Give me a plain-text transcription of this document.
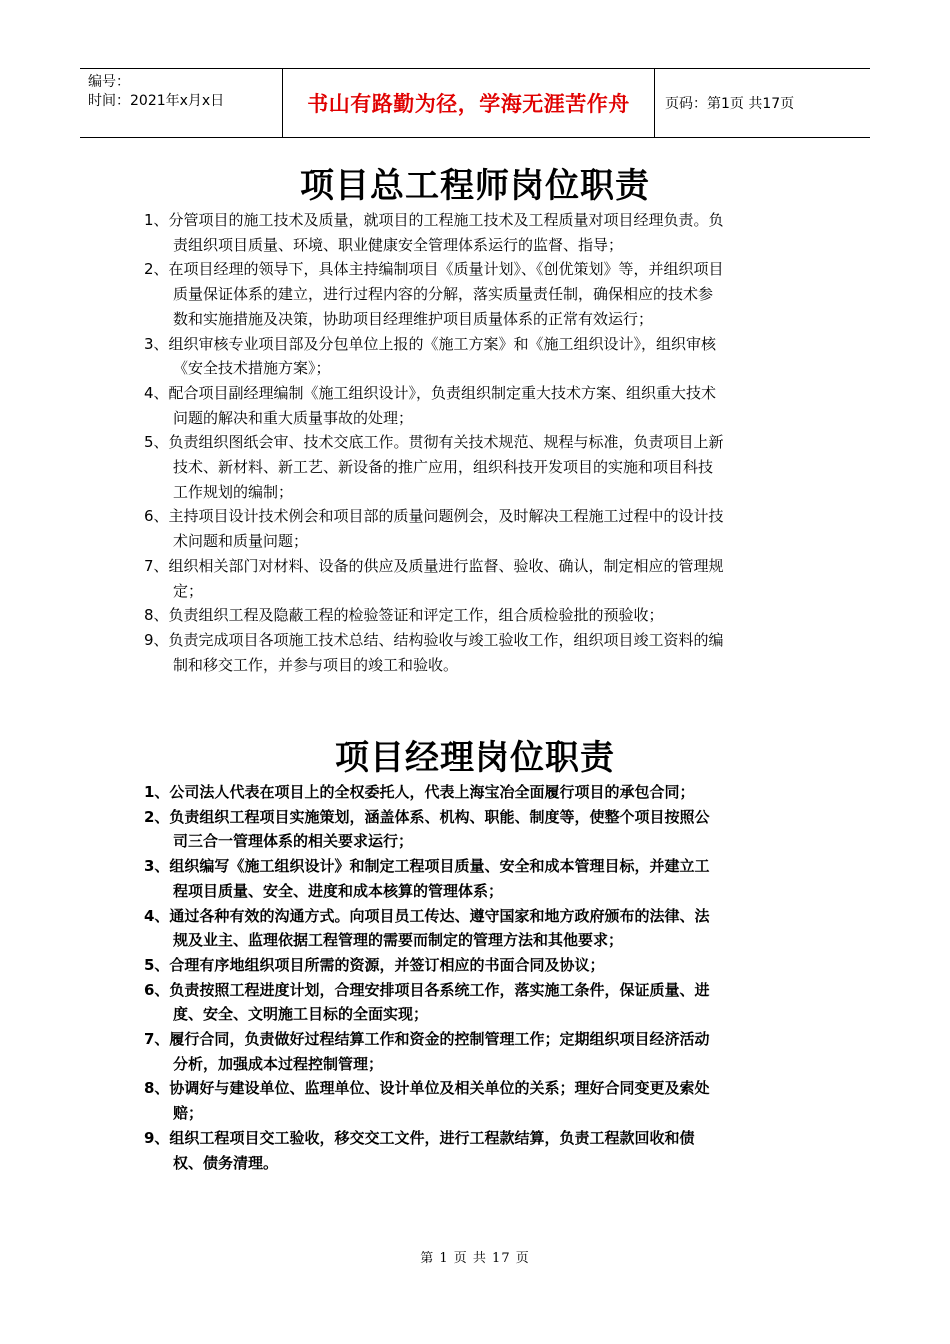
编号：
时间：2021年x月x日	书山有路勤为径，学海无涯苦作舟	页码：第1页 共17页
项目总工程师岗位职责
1、分管项目的施工技术及质量，就项目的工程施工技术及工程质量对项目经理负责。负责组织项目质量、环境、职业健康安全管理体系运行的监督、指导；
2、在项目经理的领导下，具体主持编制项目《质量计划》、《创优策划》等，并组织项目质量保证体系的建立，进行过程内容的分解，落实质量责任制，确保相应的技术参数和实施措施及决策，协助项目经理维护项目质量体系的正常有效运行；
3、组织审核专业项目部及分包单位上报的《施工方案》和《施工组织设计》，组织审核《安全技术措施方案》；
4、配合项目副经理编制《施工组织设计》，负责组织制定重大技术方案、组织重大技术问题的解决和重大质量事故的处理；
5、负责组织图纸会审、技术交底工作。贯彻有关技术规范、规程与标准，负责项目上新技术、新材料、新工艺、新设备的推广应用，组织科技开发项目的实施和项目科技工作规划的编制；
6、主持项目设计技术例会和项目部的质量问题例会，及时解决工程施工过程中的设计技术问题和质量问题；
7、组织相关部门对材料、设备的供应及质量进行监督、验收、确认，制定相应的管理规定；
8、负责组织工程及隐蔽工程的检验签证和评定工作，组合质检验批的预验收；
9、负责完成项目各项施工技术总结、结构验收与竣工验收工作，组织项目竣工资料的编制和移交工作，并参与项目的竣工和验收。
项目经理岗位职责
1、公司法人代表在项目上的全权委托人，代表上海宝冶全面履行项目的承包合同；
2、负责组织工程项目实施策划，涵盖体系、机构、职能、制度等，使整个项目按照公司三合一管理体系的相关要求运行；
3、组织编写《施工组织设计》和制定工程项目质量、安全和成本管理目标，并建立工程项目质量、安全、进度和成本核算的管理体系；
4、通过各种有效的沟通方式。向项目员工传达、遵守国家和地方政府颁布的法律、法规及业主、监理依据工程管理的需要而制定的管理方法和其他要求；
5、合理有序地组织项目所需的资源，并签订相应的书面合同及协议；
6、负责按照工程进度计划，合理安排项目各系统工作，落实施工条件，保证质量、进度、安全、文明施工目标的全面实现；
7、履行合同，负责做好过程结算工作和资金的控制管理工作；定期组织项目经济活动分析，加强成本过程控制管理；
8、协调好与建设单位、监理单位、设计单位及相关单位的关系；理好合同变更及索处赔；
9、组织工程项目交工验收，移交交工文件，进行工程款结算，负责工程款回收和债权、债务清理。
第 1 页 共 17 页
